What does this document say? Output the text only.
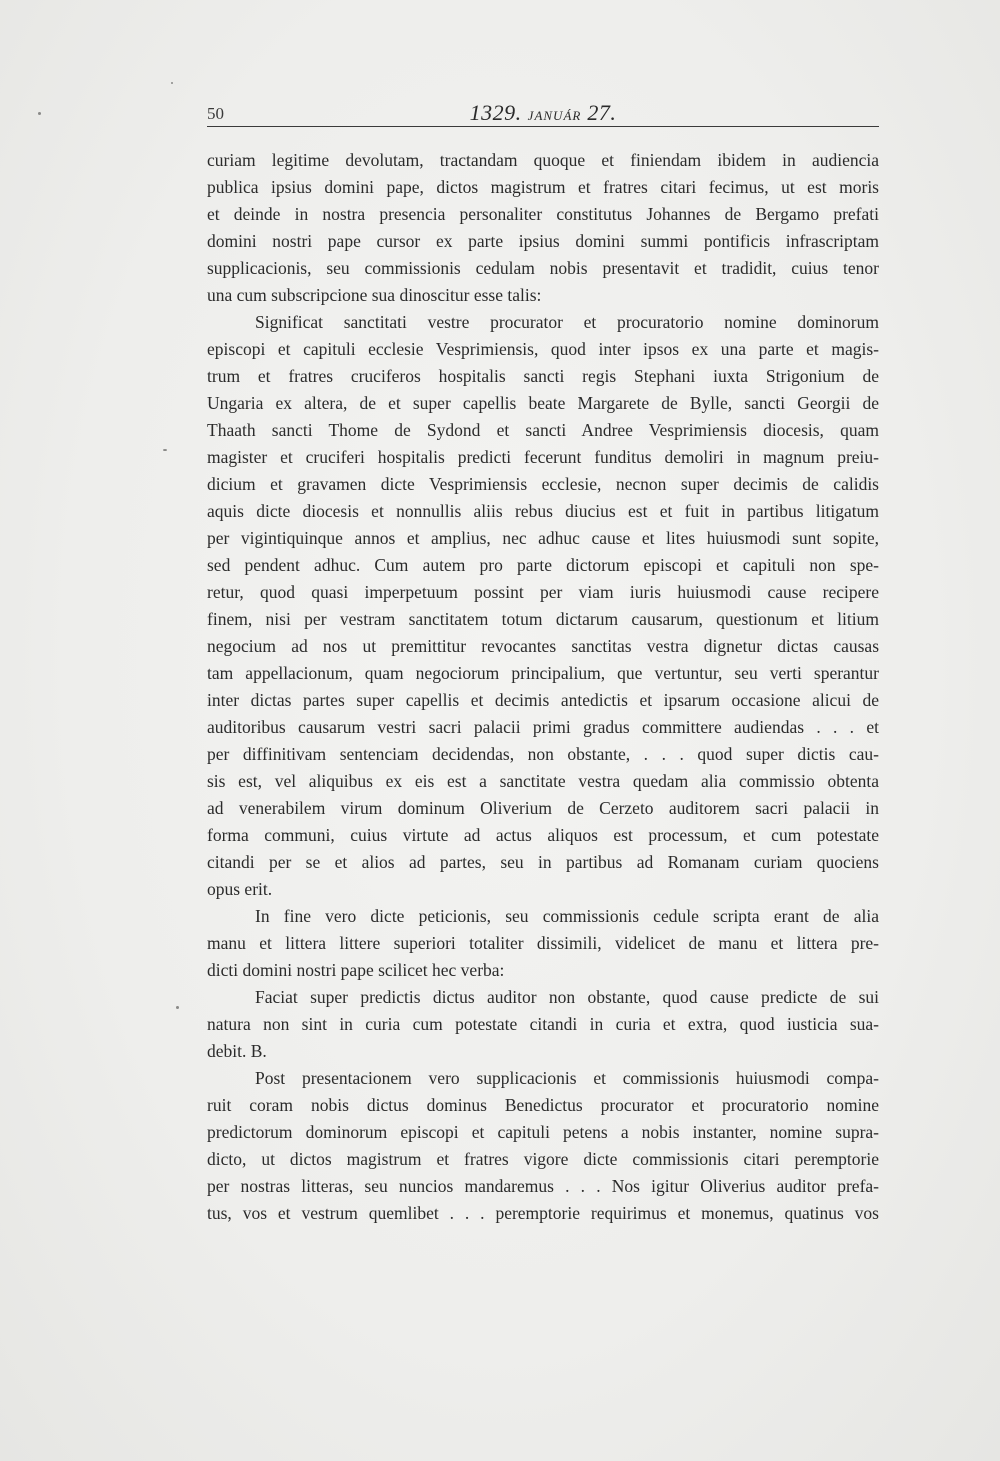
50	1329. JANUÁR 27.
curiam legitime devolutam, tractandam quoque et finiendam ibidem in audiencia
publica ipsius domini pape, dictos magistrum et fratres citari fecimus, ut est moris
et deinde in nostra presencia personaliter constitutus Johannes de Bergamo prefati
domini nostri pape cursor ex parte ipsius domini summi pontificis infrascriptam
supplicacionis, seu commissionis cedulam nobis presentavit et tradidit, cuius tenor
una cum subscripcione sua dinoscitur esse talis:
Significat sanctitati vestre procurator et procuratorio nomine dominorum
episcopi et capituli ecclesie Vesprimiensis, quod inter ipsos ex una parte et magis-
trum et fratres cruciferos hospitalis sancti regis Stephani iuxta Strigonium de
Ungaria ex altera, de et super capellis beate Margarete de Bylle, sancti Georgii de
Thaath sancti Thome de Sydond et sancti Andree Vesprimiensis diocesis, quam
magister et cruciferi hospitalis predicti fecerunt funditus demoliri in magnum preiu-
dicium et gravamen dicte Vesprimiensis ecclesie, necnon super decimis de calidis
aquis dicte diocesis et nonnullis aliis rebus diucius est et fuit in partibus litigatum
per vigintiquinque annos et amplius, nec adhuc cause et lites huiusmodi sunt sopite,
sed pendent adhuc. Cum autem pro parte dictorum episcopi et capituli non spe-
retur, quod quasi imperpetuum possint per viam iuris huiusmodi cause recipere
finem, nisi per vestram sanctitatem totum dictarum causarum, questionum et litium
negocium ad nos ut premittitur revocantes sanctitas vestra dignetur dictas causas
tam appellacionum, quam negociorum principalium, que vertuntur, seu verti sperantur
inter dictas partes super capellis et decimis antedictis et ipsarum occasione alicui de
auditoribus causarum vestri sacri palacii primi gradus committere audiendas . . . et
per diffinitivam sentenciam decidendas, non obstante, . . . quod super dictis cau-
sis est, vel aliquibus ex eis est a sanctitate vestra quedam alia commissio obtenta
ad venerabilem virum dominum Oliverium de Cerzeto auditorem sacri palacii in
forma communi, cuius virtute ad actus aliquos est processum, et cum potestate
citandi per se et alios ad partes, seu in partibus ad Romanam curiam quociens
opus erit.
In fine vero dicte peticionis, seu commissionis cedule scripta erant de alia
manu et littera littere superiori totaliter dissimili, videlicet de manu et littera pre-
dicti domini nostri pape scilicet hec verba:
Faciat super predictis dictus auditor non obstante, quod cause predicte de sui
natura non sint in curia cum potestate citandi in curia et extra, quod iusticia sua-
debit. B.
Post presentacionem vero supplicacionis et commissionis huiusmodi compa-
ruit coram nobis dictus dominus Benedictus procurator et procuratorio nomine
predictorum dominorum episcopi et capituli petens a nobis instanter, nomine supra-
dicto, ut dictos magistrum et fratres vigore dicte commissionis citari peremptorie
per nostras litteras, seu nuncios mandaremus . . . Nos igitur Oliverius auditor prefa-
tus, vos et vestrum quemlibet . . . peremptorie requirimus et monemus, quatinus vos
